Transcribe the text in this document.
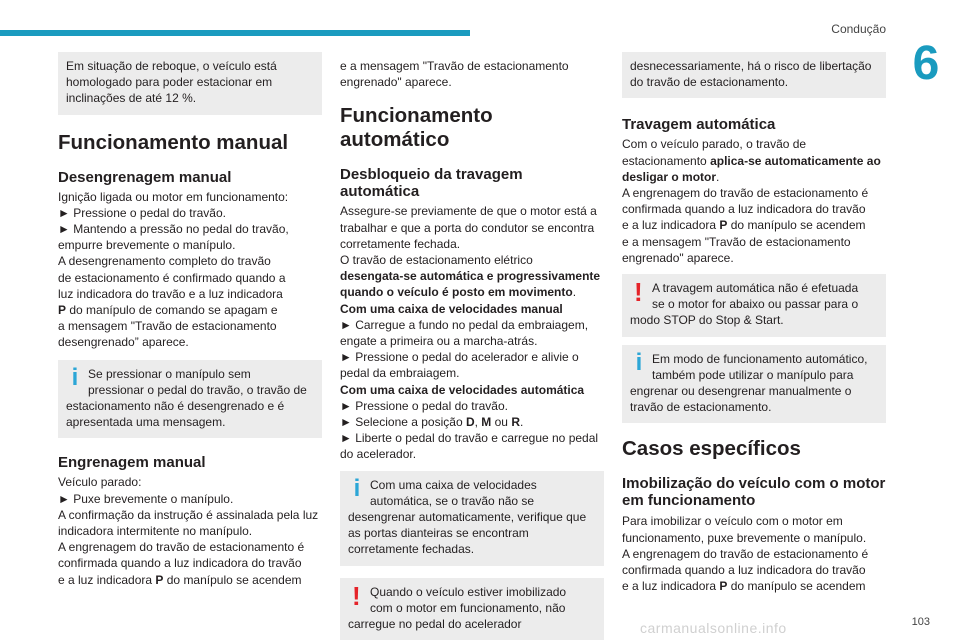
Condução
6

Em situação de reboque, o veículo está

homologado para poder estacionar em

inclinações de até 12 %.

Funcionamento manual
Desengrenagem manual

Ignição ligada ou motor em funcionamento:

► Pressione o pedal do travão.

► Mantendo a pressão no pedal do travão,

empurre brevemente o manípulo.

A desengrenamento completo do travão

de estacionamento é confirmado quando a

luz indicadora do travão e a luz indicadora

P do manípulo de comando se apagam e

a mensagem "Travão de estacionamento

desengrenado” aparece.

i Se pressionar o manípulo sem

pressionar o pedal do travão, o travão de

estacionamento não é desengrenado e é

apresentada uma mensagem.

Engrenagem manual

Veículo parado:

► Puxe brevemente o manípulo.

A confirmação da instrução é assinalada pela luz

indicadora intermitente no manípulo.

A engrenagem do travão de estacionamento é

confirmada quando a luz indicadora do travão

e a luz indicadora P do manípulo se acendem

e a mensagem "Travão de estacionamento

engrenado" aparece.

Funcionamento automático
Desbloqueio da travagem automática

Assegure-se previamente de que o motor está a

trabalhar e que a porta do condutor se encontra

corretamente fechada.

O travão de estacionamento elétrico

desengata-se automática e progressivamente

quando o veículo é posto em movimento.

Com uma caixa de velocidades manual

► Carregue a fundo no pedal da embraiagem,

engate a primeira ou a marcha-atrás.

► Pressione o pedal do acelerador e alivie o

pedal da embraiagem.

Com uma caixa de velocidades automática

► Pressione o pedal do travão.

► Selecione a posição D, M ou R.

► Liberte o pedal do travão e carregue no pedal

do acelerador.

i Com uma caixa de velocidades

automática, se o travão não se

desengrenar automaticamente, verifique que

as portas dianteiras se encontram

corretamente fechadas.

! Quando o veículo estiver imobilizado

com o motor em funcionamento, não

carregue no pedal do acelerador

desnecessariamente, há o risco de libertação

do travão de estacionamento.

Travagem automática

Com o veículo parado, o travão de

estacionamento aplica-se automaticamente ao

desligar o motor.

A engrenagem do travão de estacionamento é

confirmada quando a luz indicadora do travão

e a luz indicadora P do manípulo se acendem

e a mensagem "Travão de estacionamento

engrenado" aparece.

! A travagem automática não é efetuada

se o motor for abaixo ou passar para o

modo STOP do Stop & Start.

i Em modo de funcionamento automático,

também pode utilizar o manípulo para

engrenar ou desengrenar manualmente o

travão de estacionamento.

Casos específicos
Imobilização do veículo com o motor
em funcionamento

Para imobilizar o veículo com o motor em

funcionamento, puxe brevemente o manípulo.

A engrenagem do travão de estacionamento é

confirmada quando a luz indicadora do travão

e a luz indicadora P do manípulo se acendem

carmanualsonline.info	103
